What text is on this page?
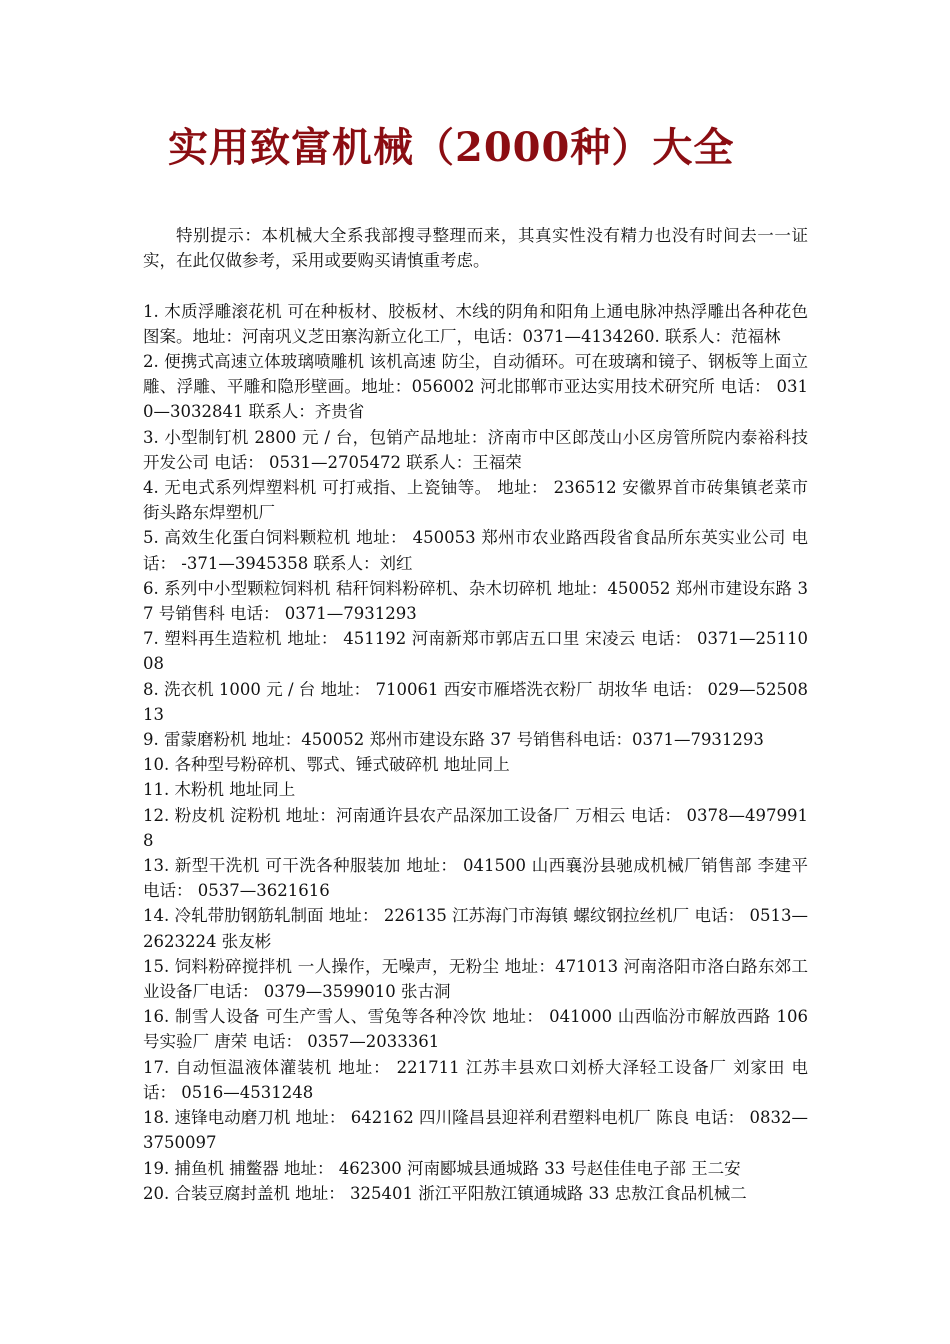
实用致富机械（2000种）大全

特别提示：本机械大全系我部搜寻整理而来，其真实性没有精力也没有时间去一一证实，在此仅做参考，采用或要购买请慎重考虑。

1. 木质浮雕滚花机 可在种板材、胶板材、木线的阴角和阳角上通电脉冲热浮雕出各种花色图案。地址：河南巩义芝田寨沟新立化工厂，电话：0371—4134260. 联系人：范福林

2. 便携式高速立体玻璃喷雕机 该机高速 防尘，自动循环。可在玻璃和镜子、钢板等上面立雕、浮雕、平雕和隐形壁画。地址：056002 河北邯郸市亚达实用技术研究所 电话： 0310—3032841 联系人：齐贵省

3. 小型制钉机 2800 元 / 台，包销产品地址：济南市中区郎茂山小区房管所院内泰裕科技开发公司 电话： 0531—2705472 联系人：王福荣

4. 无电式系列焊塑料机 可打戒指、上瓷铀等。 地址： 236512 安徽界首市砖集镇老菜市街头路东焊塑机厂

5. 高效生化蛋白饲料颗粒机 地址： 450053 郑州市农业路西段省食品所东英实业公司 电话： -371—3945358 联系人：刘红

6. 系列中小型颗粒饲料机 秸秆饲料粉碎机、杂木切碎机 地址：450052 郑州市建设东路 37 号销售科 电话： 0371—7931293

7. 塑料再生造粒机 地址： 451192 河南新郑市郭店五口里 宋凌云 电话： 0371—2511008

8. 洗衣机 1000 元 / 台 地址： 710061 西安市雁塔洗衣粉厂 胡妆华 电话： 029—5250813

9. 雷蒙磨粉机 地址：450052 郑州市建设东路 37 号销售科电话：0371—7931293

10. 各种型号粉碎机、鄂式、锤式破碎机 地址同上

11. 木粉机 地址同上

12. 粉皮机 淀粉机 地址：河南通许县农产品深加工设备厂 万相云 电话： 0378—4979918

13. 新型干洗机 可干洗各种服装加 地址： 041500 山西襄汾县驰成机械厂销售部 李建平 电话： 0537—3621616

14. 冷轧带肋钢筋轧制面 地址： 226135 江苏海门市海镇 螺纹钢拉丝机厂 电话： 0513—2623224 张友彬

15. 饲料粉碎搅拌机 一人操作，无噪声，无粉尘 地址：471013 河南洛阳市洛白路东郊工业设备厂电话： 0379—3599010 张古洞

16. 制雪人设备 可生产雪人、雪兔等各种冷饮 地址： 041000 山西临汾市解放西路 106 号实验厂 唐荣 电话： 0357—2033361

17. 自动恒温液体灌装机 地址： 221711 江苏丰县欢口刘桥大泽轻工设备厂 刘家田 电话： 0516—4531248

18. 速锋电动磨刀机 地址： 642162 四川隆昌县迎祥利君塑料电机厂 陈良 电话： 0832—3750097

19. 捕鱼机 捕鳖器 地址： 462300 河南郾城县通城路 33 号赵佳佳电子部 王二安

20. 合装豆腐封盖机 地址： 325401 浙江平阳敖江镇通城路 33 忠敖江食品机械二
